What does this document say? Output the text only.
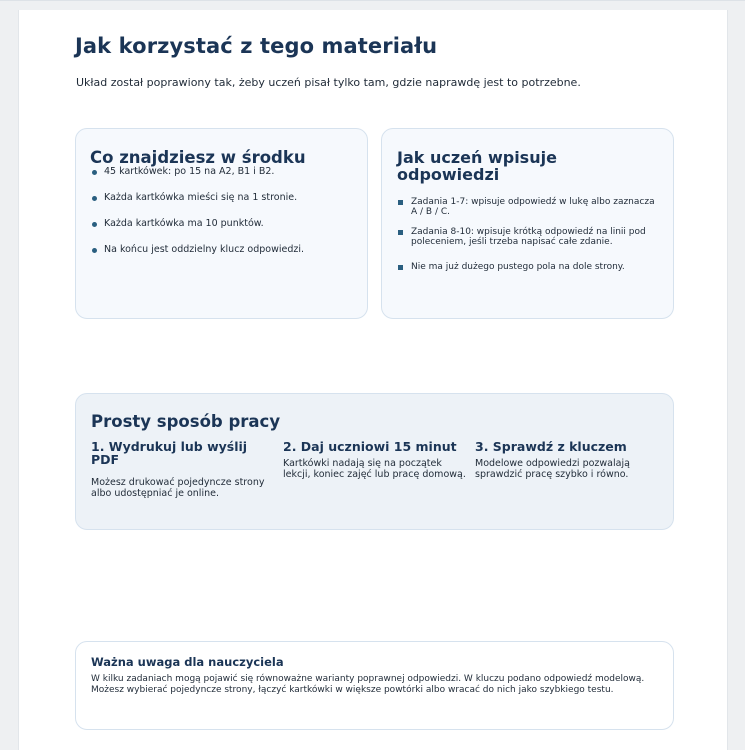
Jak korzystać z tego materiału

Układ został poprawiony tak, żeby uczeń pisał tylko tam, gdzie naprawdę jest to potrzebne.

Co znajdziesz w środku
45 kartkówek: po 15 na A2, B1 i B2.
Każda kartkówka mieści się na 1 stronie.
Każda kartkówka ma 10 punktów.
Na końcu jest oddzielny klucz odpowiedzi.
Jak uczeń wpisuje odpowiedzi
Zadania 1-7: wpisuje odpowiedź w lukę albo zaznacza A / B / C.
Zadania 8-10: wpisuje krótką odpowiedź na linii pod poleceniem, jeśli trzeba napisać całe zdanie.
Nie ma już dużego pustego pola na dole strony.
Prosty sposób pracy
1. Wydrukuj lub wyślij PDF

Możesz drukować pojedyncze strony albo udostępniać je online.

2. Daj uczniowi 15 minut

Kartkówki nadają się na początek lekcji, koniec zajęć lub pracę domową.

3. Sprawdź z kluczem

Modelowe odpowiedzi pozwalają sprawdzić pracę szybko i równo.

Ważna uwaga dla nauczyciela

W kilku zadaniach mogą pojawić się równoważne warianty poprawnej odpowiedzi. W kluczu podano odpowiedź modelową. Możesz wybierać pojedyncze strony, łączyć kartkówki w większe powtórki albo wracać do nich jako szybkiego testu.
